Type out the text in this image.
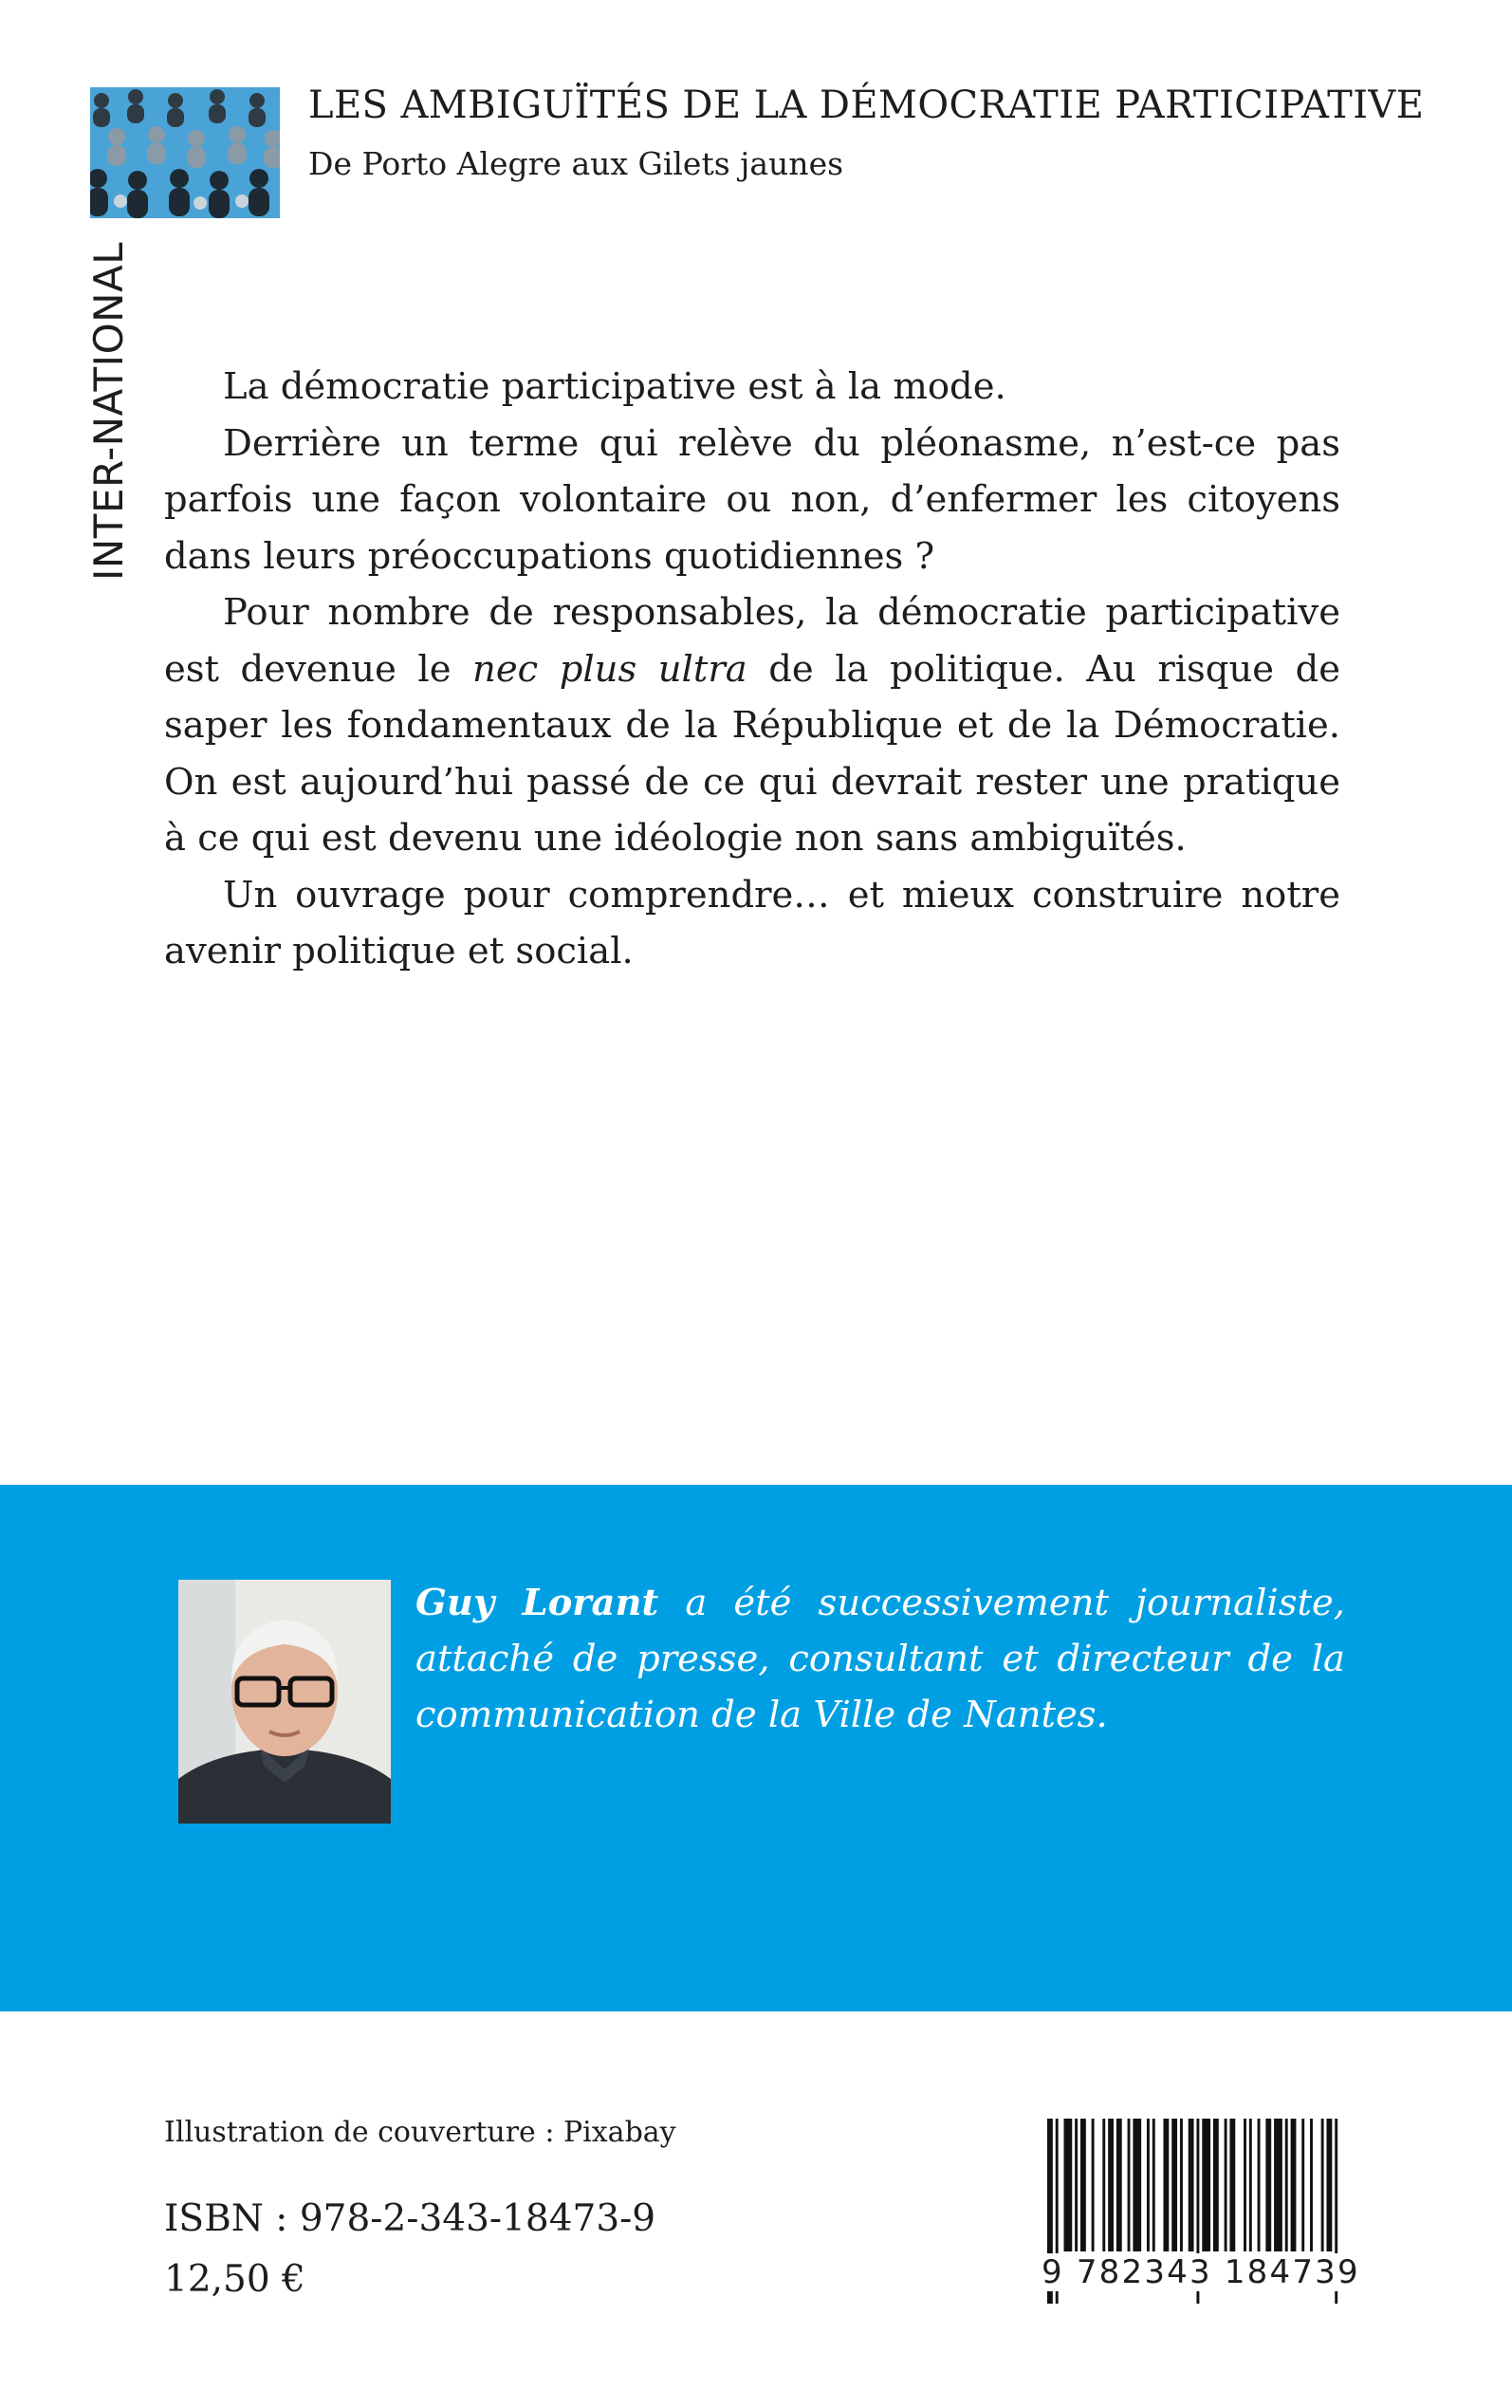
INTER-NATIONAL
LES AMBIGUÏTÉS DE LA DÉMOCRATIE PARTICIPATIVE
De Porto Alegre aux Gilets jaunes

La démocratie participative est à la mode.

Derrière un terme qui relève du pléonasme, n’est-ce pas parfois une façon volontaire ou non, d’enfermer les citoyens dans leurs préoccupations quotidiennes ?

Pour nombre de responsables, la démocratie participative est devenue le nec plus ultra de la politique. Au risque de saper les fondamentaux de la République et de la Démocratie. On est aujourd’hui passé de ce qui devrait rester une pratique à ce qui est devenu une idéologie non sans ambiguïtés.

Un ouvrage pour comprendre… et mieux construire notre avenir politique et social.

Guy Lorant a été successivement journaliste, attaché de presse, consultant et directeur de la communication de la Ville de Nantes.
Illustration de couverture : Pixabay
ISBN : 978-2-343-18473-9
12,50 €	9 782343 184739
